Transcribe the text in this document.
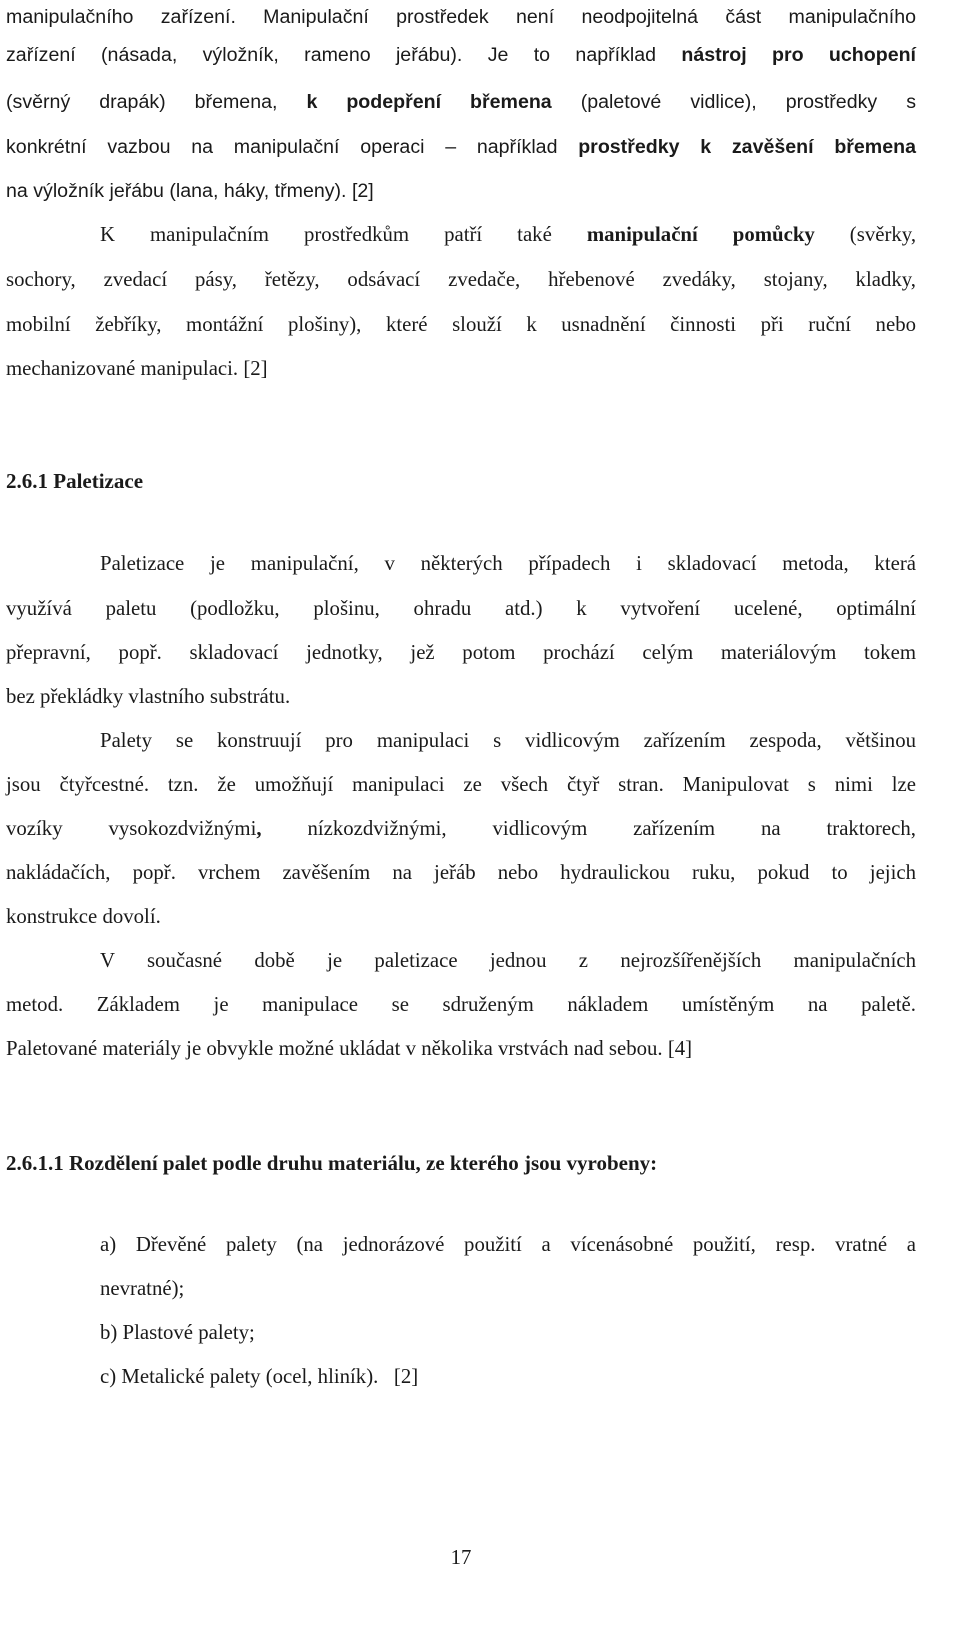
manipulačního zařízení. Manipulační prostředek není neodpojitelná část manipulačního
zařízení (násada, výložník, rameno jeřábu). Je to například nástroj pro uchopení
(svěrný drapák) břemena, k podepření břemena (paletové vidlice), prostředky s
konkrétní vazbou na manipulační operaci – například prostředky k zavěšení břemena
na výložník jeřábu (lana, háky, třmeny). [2]
K manipulačním prostředkům patří také manipulační pomůcky (svěrky,
sochory, zvedací pásy, řetězy, odsávací zvedače, hřebenové zvedáky, stojany, kladky,
mobilní žebříky, montážní plošiny), které slouží k usnadnění činnosti při ruční nebo
mechanizované manipulaci. [2]
2.6.1 Paletizace
Paletizace je manipulační, v některých případech i skladovací metoda, která
využívá paletu (podložku, plošinu, ohradu atd.) k vytvoření ucelené, optimální
přepravní, popř. skladovací jednotky, jež potom prochází celým materiálovým tokem
bez překládky vlastního substrátu.
Palety se konstruují pro manipulaci s vidlicovým zařízením zespoda, většinou
jsou čtyřcestné. tzn. že umožňují manipulaci ze všech čtyř stran. Manipulovat s nimi lze
vozíky vysokozdvižnými, nízkozdvižnými, vidlicovým zařízením na traktorech,
nakládačích, popř. vrchem zavěšením na jeřáb nebo hydraulickou ruku, pokud to jejich
konstrukce dovolí.
V současné době je paletizace jednou z nejrozšířenějších manipulačních
metod. Základem je manipulace se sdruženým nákladem umístěným na paletě.
Paletované materiály je obvykle možné ukládat v několika vrstvách nad sebou. [4]
2.6.1.1 Rozdělení palet podle druhu materiálu, ze kterého jsou vyrobeny:
a) Dřevěné palety (na jednorázové použití a vícenásobné použití, resp. vratné a
nevratné);
b) Plastové palety;
c) Metalické palety (ocel, hliník).   [2]
17
